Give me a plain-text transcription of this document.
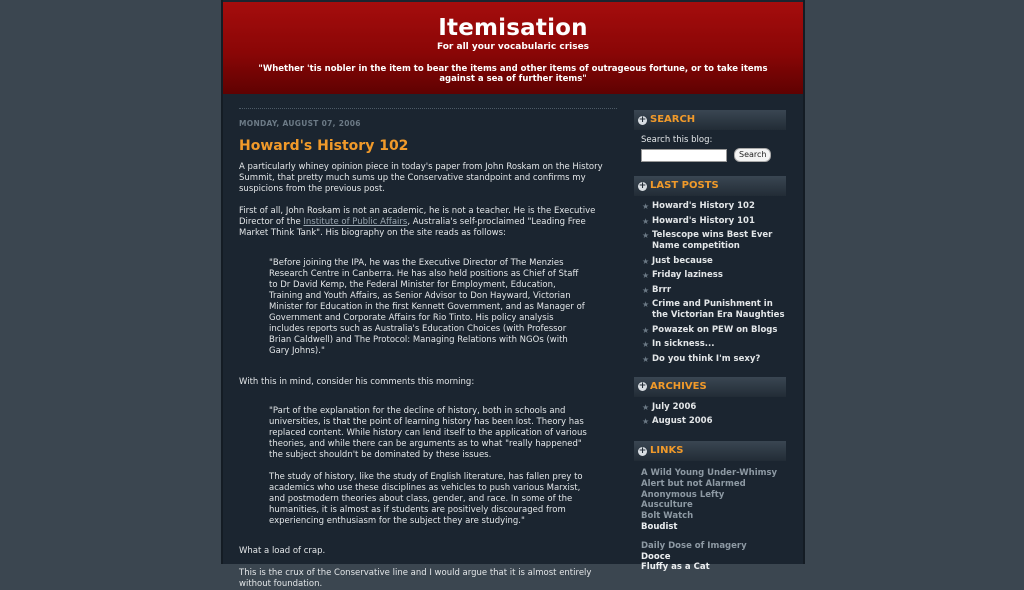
Itemisation
For all your vocabularic crises
"Whether 'tis nobler in the item to bear the items and other items of outrageous fortune, or to take items against a sea of further items"
MONDAY, AUGUST 07, 2006
Howard's History 102

A particularly whiney opinion piece in today's paper from John Roskam on the History Summit, that pretty much sums up the Conservative standpoint and confirms my suspicions from the previous post.

First of all, John Roskam is not an academic, he is not a teacher. He is the Executive Director of the Institute of Public Affairs, Australia's self-proclaimed "Leading Free Market Think Tank". His biography on the site reads as follows:

"Before joining the IPA, he was the Executive Director of The Menzies Research Centre in Canberra. He has also held positions as Chief of Staff to Dr David Kemp, the Federal Minister for Employment, Education, Training and Youth Affairs, as Senior Advisor to Don Hayward, Victorian Minister for Education in the first Kennett Government, and as Manager of Government and Corporate Affairs for Rio Tinto. His policy analysis includes reports such as Australia's Education Choices (with Professor Brian Caldwell) and The Protocol: Managing Relations with NGOs (with Gary Johns)."

With this in mind, consider his comments this morning:

"Part of the explanation for the decline of history, both in schools and universities, is that the point of learning history has been lost. Theory has replaced content. While history can lend itself to the application of various theories, and while there can be arguments as to what "really happened" the subject shouldn't be dominated by these issues.
The study of history, like the study of English literature, has fallen prey to academics who use these disciplines as vehicles to push various Marxist, and postmodern theories about class, gender, and race. In some of the humanities, it is almost as if students are positively discouraged from experiencing enthusiasm for the subject they are studying."

What a load of crap.

This is the crux of the Conservative line and I would argue that it is almost entirely without foundation.

+ SEARCH
Search this blog:
Search
+ LAST POSTS
★ Howard's History 102
★ Howard's History 101
★ Telescope wins Best Ever Name competition
★ Just because
★ Friday laziness
★ Brrr
★ Crime and Punishment in the Victorian Era Naughties
★ Powazek on PEW on Blogs
★ In sickness...
★ Do you think I'm sexy?
+ ARCHIVES
★ July 2006
★ August 2006
+ LINKS
A Wild Young Under-Whimsy
Alert but not Alarmed
Anonymous Lefty
Ausculture
Bolt Watch
Boudist
Daily Dose of Imagery
Dooce
Fluffy as a Cat
